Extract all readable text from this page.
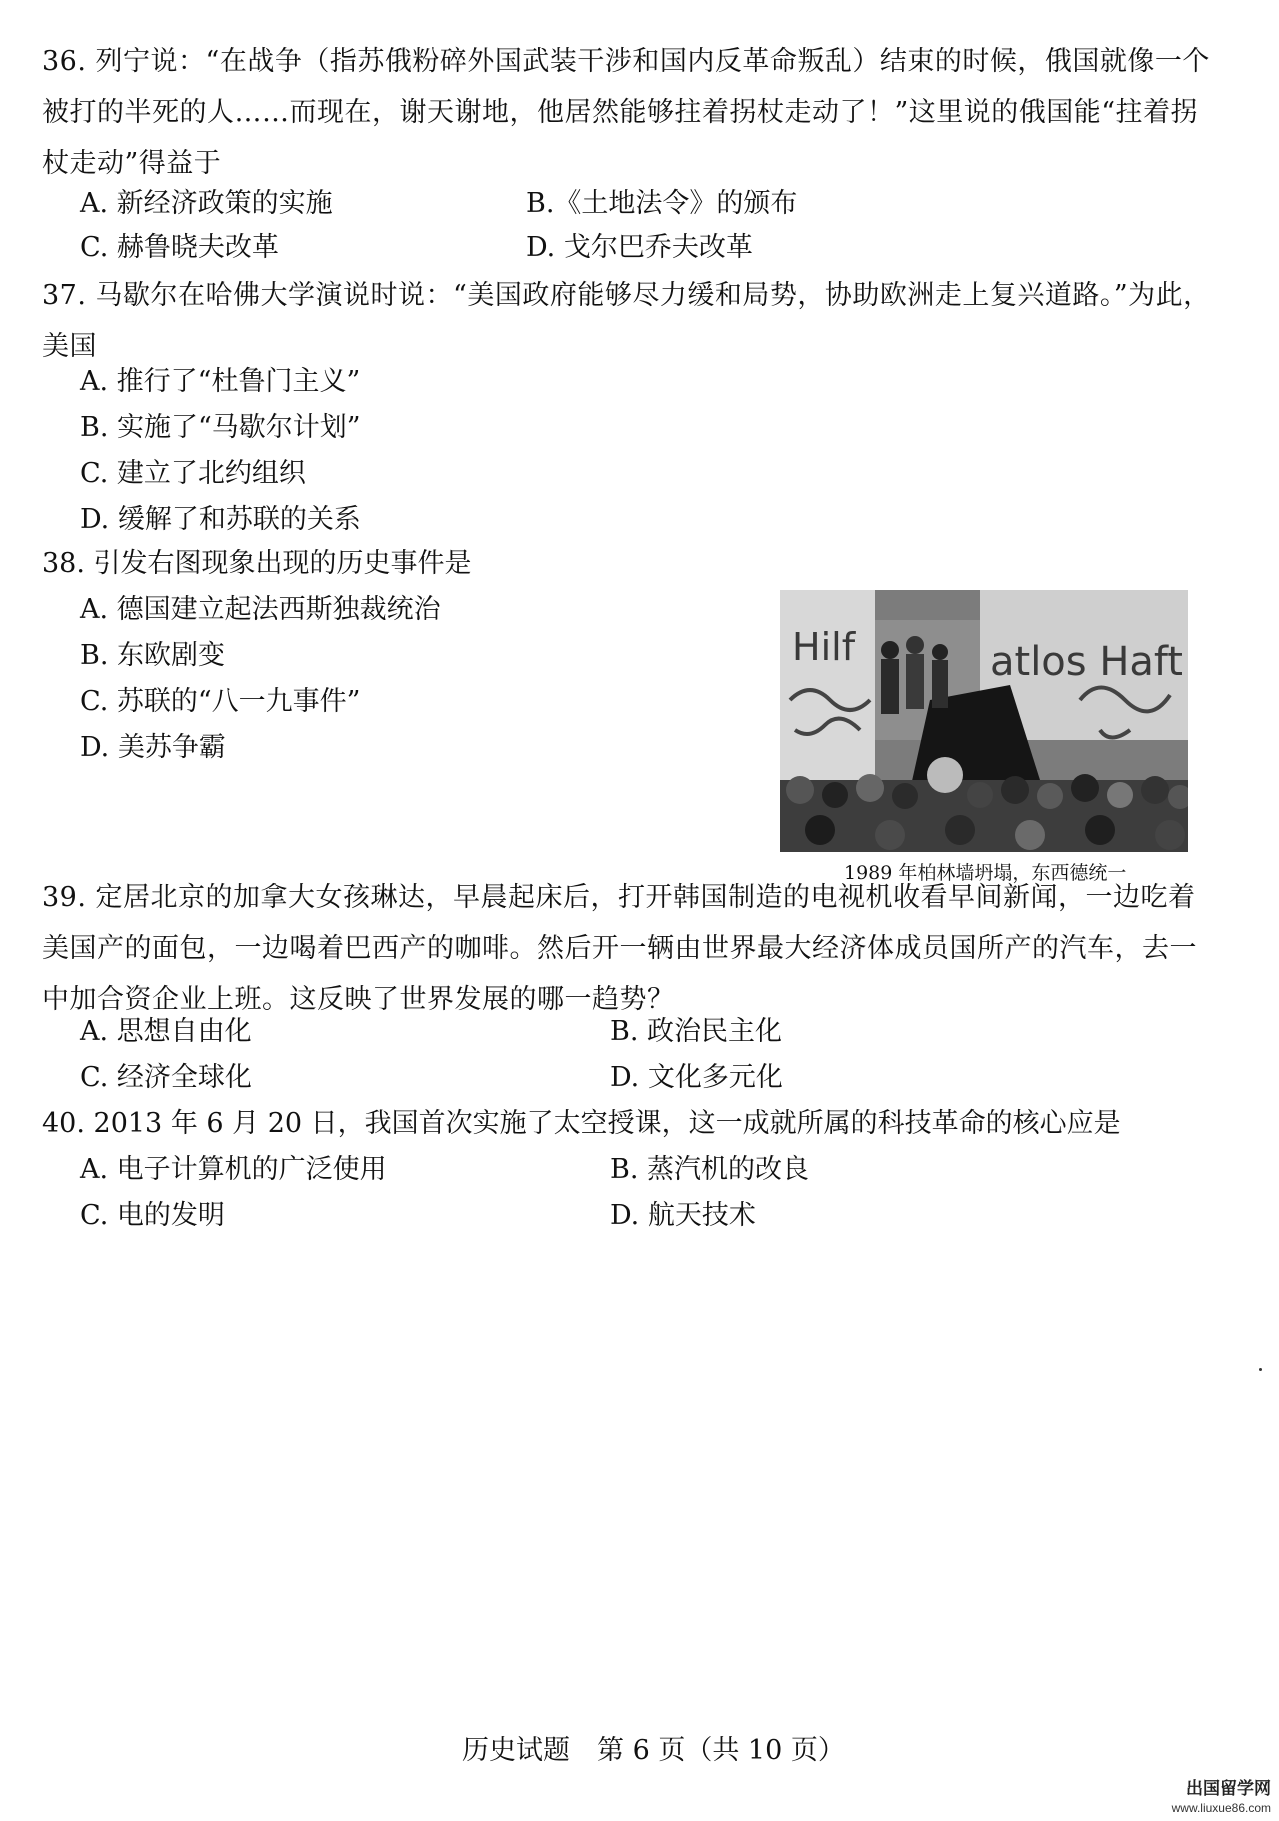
36. 列宁说：“在战争（指苏俄粉碎外国武装干涉和国内反革命叛乱）结束的时候，俄国就像一个被打的半死的人……而现在，谢天谢地，他居然能够拄着拐杖走动了！”这里说的俄国能“拄着拐杖走动”得益于
A. 新经济政策的实施	B.《土地法令》的颁布
C. 赫鲁晓夫改革	D. 戈尔巴乔夫改革
37. 马歇尔在哈佛大学演说时说：“美国政府能够尽力缓和局势，协助欧洲走上复兴道路。”为此，美国
A. 推行了“杜鲁门主义”
B. 实施了“马歇尔计划”
C. 建立了北约组织
D. 缓解了和苏联的关系
38. 引发右图现象出现的历史事件是
A. 德国建立起法西斯独裁统治
B. 东欧剧变
C. 苏联的“八一九事件”
D. 美苏争霸
Hilf	atlos Haft
1989 年柏林墙坍塌，东西德统一
39. 定居北京的加拿大女孩琳达，早晨起床后，打开韩国制造的电视机收看早间新闻，一边吃着美国产的面包，一边喝着巴西产的咖啡。然后开一辆由世界最大经济体成员国所产的汽车，去一中加合资企业上班。这反映了世界发展的哪一趋势？
A. 思想自由化	B. 政治民主化
C. 经济全球化	D. 文化多元化
40. 2013 年 6 月 20 日，我国首次实施了太空授课，这一成就所属的科技革命的核心应是
A. 电子计算机的广泛使用	B. 蒸汽机的改良
C. 电的发明	D. 航天技术
历史试题　第 6 页（共 10 页）
出国留学网
www.liuxue86.com
